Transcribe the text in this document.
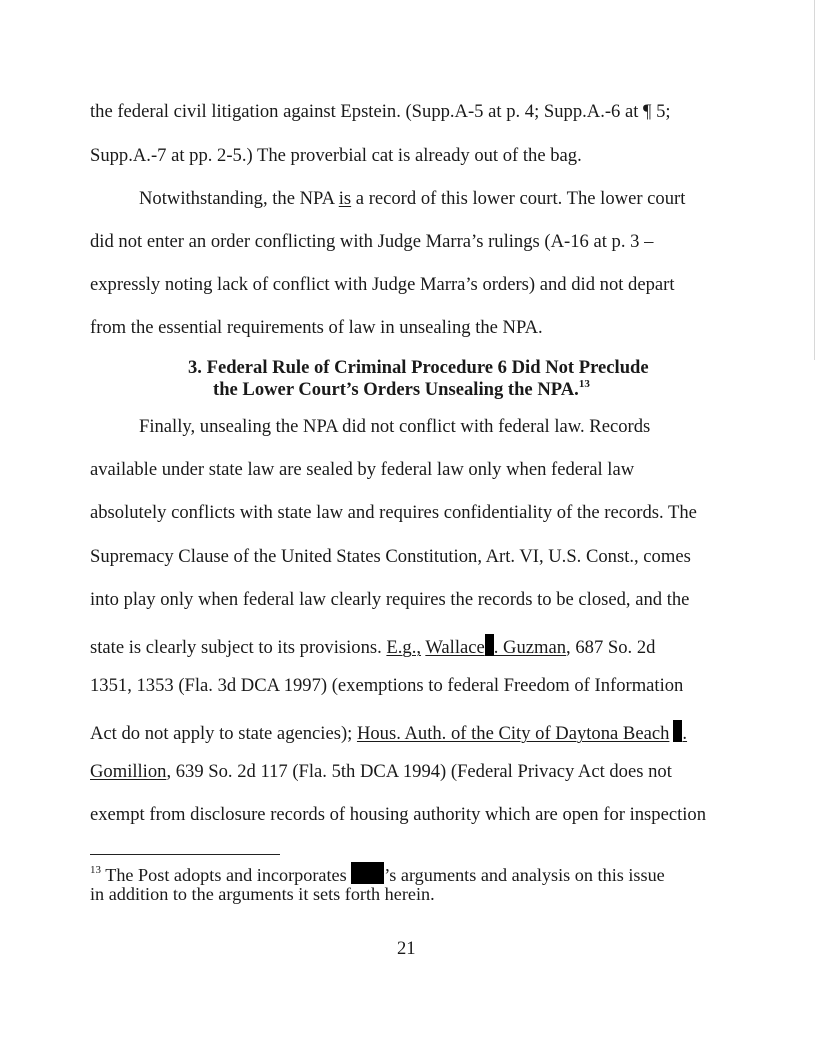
the federal civil litigation against Epstein. (Supp.A-5 at p. 4; Supp.A.-6 at ¶ 5;
Supp.A.-7 at pp. 2-5.) The proverbial cat is already out of the bag.
Notwithstanding, the NPA is a record of this lower court. The lower court
did not enter an order conflicting with Judge Marra’s rulings (A-16 at p. 3 –
expressly noting lack of conflict with Judge Marra’s orders) and did not depart
from the essential requirements of law in unsealing the NPA.
3. Federal Rule of Criminal Procedure 6 Did Not Preclude
the Lower Court’s Orders Unsealing the NPA.$^{13}$
Finally, unsealing the NPA did not conflict with federal law. Records
available under state law are sealed by federal law only when federal law
absolutely conflicts with state law and requires confidentiality of the records. The
Supremacy Clause of the United States Constitution, Art. VI, U.S. Const., comes
into play only when federal law clearly requires the records to be closed, and the
state is clearly subject to its provisions. E.g., Wallace . Guzman, 687 So. 2d
1351, 1353 (Fla. 3d DCA 1997) (exemptions to federal Freedom of Information
Act do not apply to state agencies); Hous. Auth. of the City of Daytona Beach .
Gomillion, 639 So. 2d 117 (Fla. 5th DCA 1994) (Federal Privacy Act does not
exempt from disclosure records of housing authority which are open for inspection
$^{13}$ The Post adopts and incorporates ’s arguments and analysis on this issue
in addition to the arguments it sets forth herein.
21
